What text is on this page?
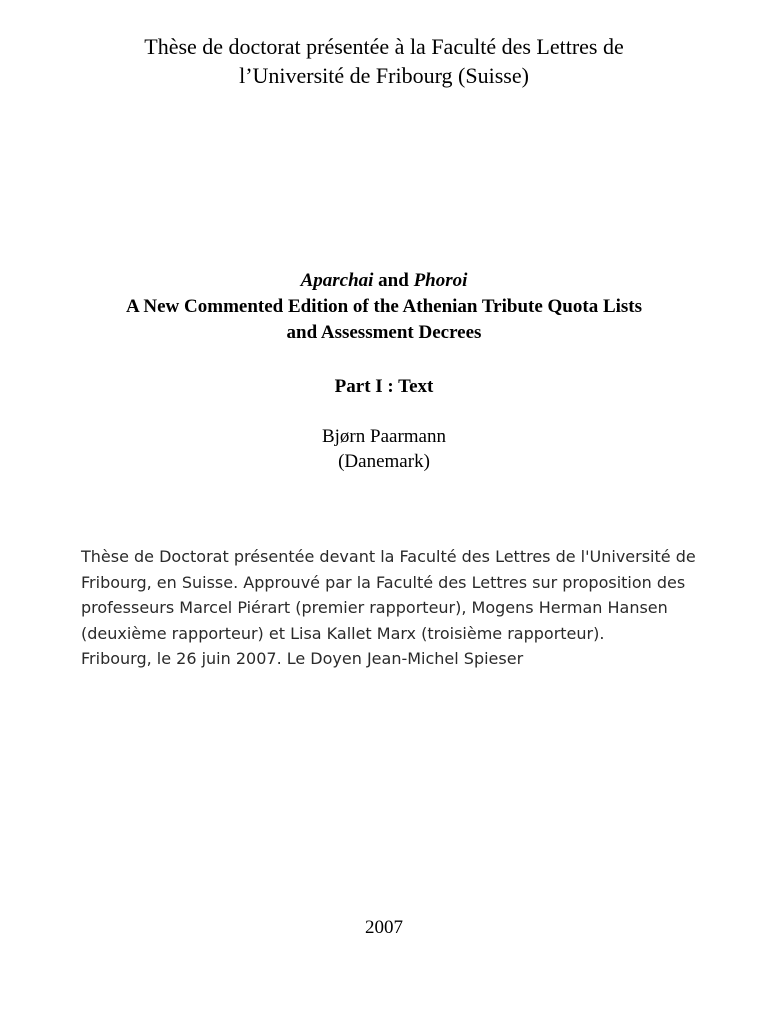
Thèse de doctorat présentée à la Faculté des Lettres de
l’Université de Fribourg (Suisse)
Aparchai and Phoroi
A New Commented Edition of the Athenian Tribute Quota Lists
and Assessment Decrees
Part I : Text
Bjørn Paarmann
(Danemark)
Thèse de Doctorat présentée devant la Faculté des Lettres de l'Université de
Fribourg, en Suisse. Approuvé par la Faculté des Lettres sur proposition des
professeurs Marcel Piérart (premier rapporteur), Mogens Herman Hansen
(deuxième rapporteur) et Lisa Kallet Marx (troisième rapporteur).
Fribourg, le 26 juin 2007. Le Doyen Jean-Michel Spieser
2007
